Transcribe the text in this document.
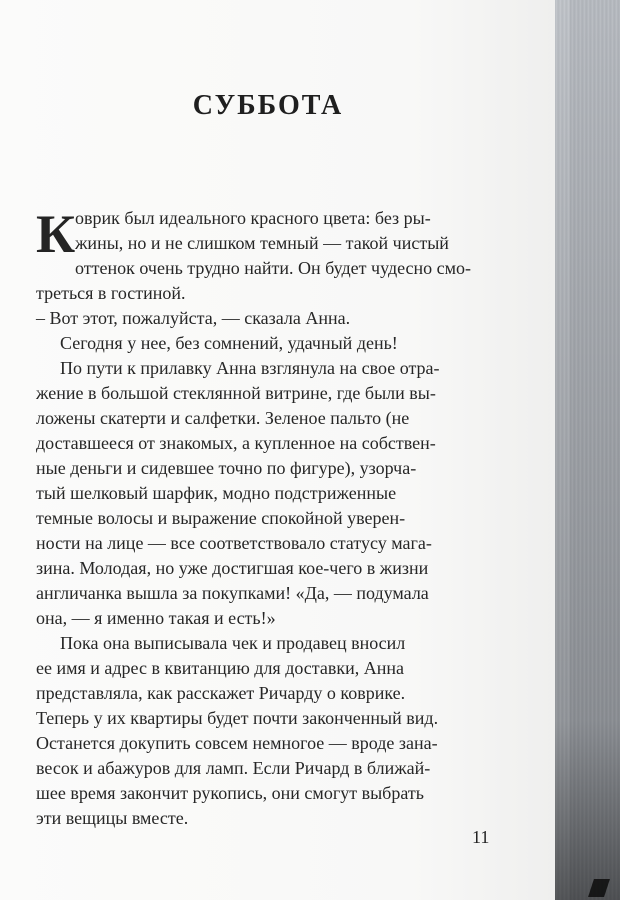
СУББОТА
К оврик был идеального красного цвета: без ры-
жины, но и не слишком темный — такой чистый
оттенок очень трудно найти. Он будет чудесно смо-
треться в гостиной.
– Вот этот, пожалуйста, — сказала Анна.
Сегодня у нее, без сомнений, удачный день!
По пути к прилавку Анна взглянула на свое отра-
жение в большой стеклянной витрине, где были вы-
ложены скатерти и салфетки. Зеленое пальто (не
доставшееся от знакомых, а купленное на собствен-
ные деньги и сидевшее точно по фигуре), узорча-
тый шелковый шарфик, модно подстриженные
темные волосы и выражение спокойной уверен-
ности на лице — все соответствовало статусу мага-
зина. Молодая, но уже достигшая кое-чего в жизни
англичанка вышла за покупками! «Да, — подумала
она, — я именно такая и есть!»
Пока она выписывала чек и продавец вносил
ее имя и адрес в квитанцию для доставки, Анна
представляла, как расскажет Ричарду о коврике.
Теперь у их квартиры будет почти законченный вид.
Останется докупить совсем немногое — вроде зана-
весок и абажуров для ламп. Если Ричард в ближай-
шее время закончит рукопись, они смогут выбрать
эти вещицы вместе.
11
